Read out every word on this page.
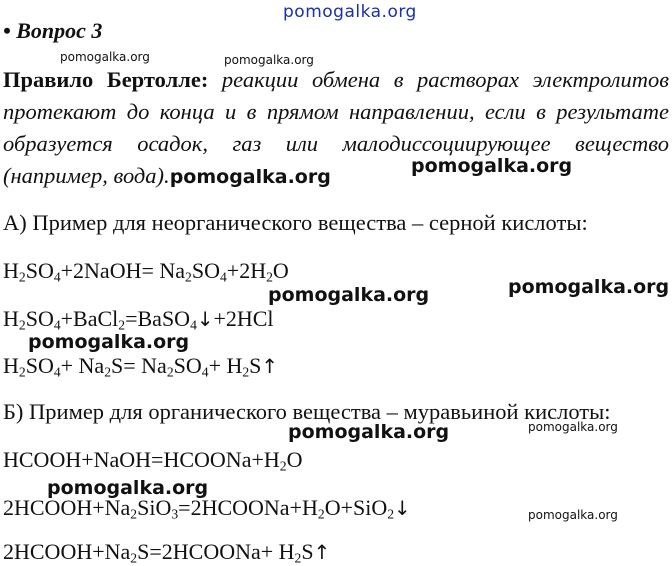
pomogalka.org
pomogalka.org	pomogalka.org
pomogalka.org
pomogalka.org	pomogalka.org
pomogalka.org
pomogalka.org	pomogalka.org
pomogalka.org
pomogalka.org
• Вопрос 3
Правило Бертолле: реакции обмена в растворах электролитов
протекают до конца и в прямом направлении, если в результате
образуется осадок, газ или малодиссоциирующее вещество
(например, вода).pomogalka.org
А) Пример для неорганического вещества – серной кислоты:
$H_2SO_4+2NaOH= Na_2SO_4+2H_2O$
$H_2SO_4+BaCl_2=BaSO_4↓+2HCl$
$H_2SO_4+ Na_2S= Na_2SO_4+$ $H_2S↑$
Б) Пример для органического вещества – муравьиной кислоты:
$HCOOH+NaOH=HCOONa+H_2O$
$2HCOOH+Na_2SiO_3=2HCOONa+H_2O+SiO_2↓$
$2HCOOH+Na_2S=2HCOONa+$ $H_2S↑$
